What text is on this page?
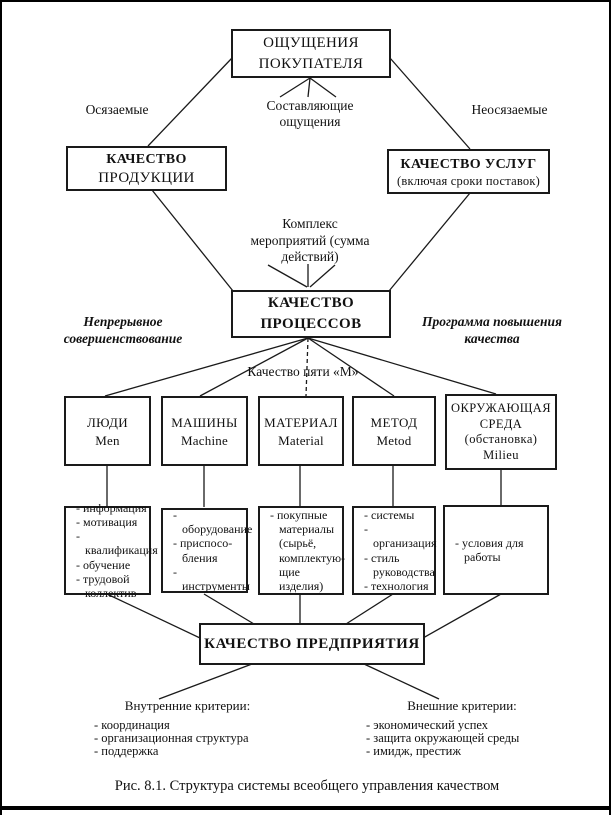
ОЩУЩЕНИЯ
ПОКУПАТЕЛЯ
Осязаемые	Неосязаемые
Составляющие ощущения
КАЧЕСТВО
ПРОДУКЦИИ
КАЧЕСТВО УСЛУГ
(включая сроки поставок)
Комплекс мероприятий (сумма действий)
КАЧЕСТВО
ПРОЦЕССОВ
Непрерывное совершенствование
Программа повышения качества
Качество пяти «М»
ЛЮДИ
Men
МАШИНЫ
Machine
МАТЕРИАЛ
Material
МЕТОД
Metod
ОКРУЖАЮЩАЯ СРЕДА (обстановка)
Milieu
- информация
- мотивация
- квалификация
- обучение
- трудовой коллектив
- оборудование
- приспосо-бления
- инструменты
- покупные материалы (сырьё, комплектую-щие изделия)
- системы
- организация
- стиль руководства
- технология
- условия для работы
КАЧЕСТВО ПРЕДПРИЯТИЯ
Внутренние критерии:
- координация
- организационная структура
- поддержка
Внешние критерии:
- экономический успех
- защита окружающей среды
- имидж, престиж
Рис. 8.1. Структура системы всеобщего управления качеством
